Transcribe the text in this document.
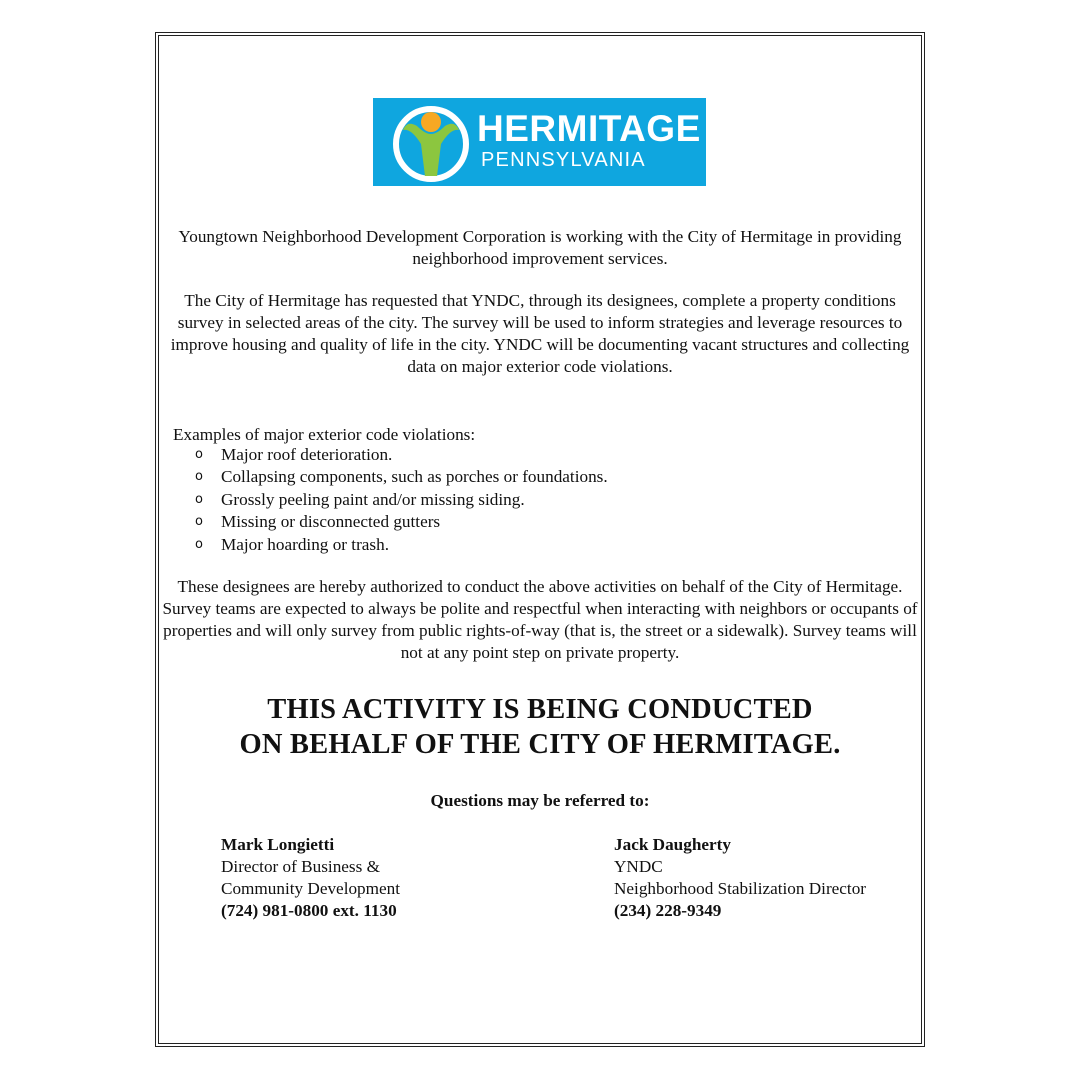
HERMITAGE
PENNSYLVANIA

Youngtown Neighborhood Development Corporation is working with the City of Hermitage in providing neighborhood improvement services.

The City of Hermitage has requested that YNDC, through its designees, complete a property conditions survey in selected areas of the city. The survey will be used to inform strategies and leverage resources to improve housing and quality of life in the city. YNDC will be documenting vacant structures and collecting data on major exterior code violations.

Examples of major exterior code violations:
o Major roof deterioration.
o Collapsing components, such as porches or foundations.
o Grossly peeling paint and/or missing siding.
o Missing or disconnected gutters
o Major hoarding or trash.

These designees are hereby authorized to conduct the above activities on behalf of the City of Hermitage. Survey teams are expected to always be polite and respectful when interacting with neighbors or occupants of properties and will only survey from public rights-of-way (that is, the street or a sidewalk). Survey teams will not at any point step on private property.

THIS ACTIVITY IS BEING CONDUCTED
ON BEHALF OF THE CITY OF HERMITAGE.
Questions may be referred to:
Mark Longietti
Director of Business &
Community Development
(724) 981-0800 ext. 1130
Jack Daugherty
YNDC
Neighborhood Stabilization Director
(234) 228-9349
